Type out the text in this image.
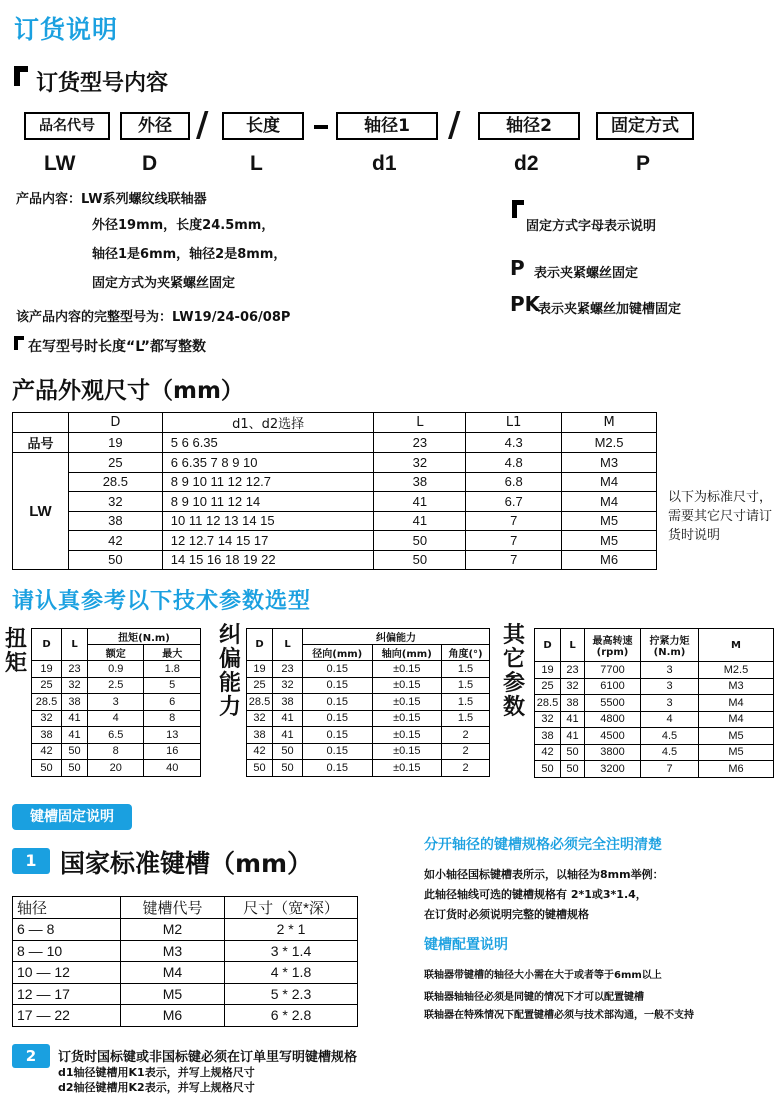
订货说明
订货型号内容
品名代号	外径 /	长度	轴径1	/	轴径2	固定方式
LW	D	L	d1	d2	P
产品内容：LW系列螺纹线联轴器
外径19mm，长度24.5mm，
轴径1是6mm，轴径2是8mm，
固定方式为夹紧螺丝固定
该产品内容的完整型号为：LW19/24-06/08P
在写型号时长度“L”都写整数
固定方式字母表示说明
P 表示夹紧螺丝固定
PK
表示夹紧螺丝加键槽固定
产品外观尺寸（mm）
	D	d1、d2选择	L	L1	M
品号	19	5 6 6.35	23	4.3	M2.5
LW	25	6 6.35 7 8 9 10	32	4.8	M3
	28.5	8 9 10 11 12 12.7	38	6.8	M4
	32	8 9 10 11 12 14	41	6.7	M4
	38	10 11 12 13 14 15	41	7	M5
	42	12 12.7 14 15 17	50	7	M5
	50	14 15 16 18 19 22	50	7	M6
以下为标准尺寸，需要其它尺寸请订货时说明
请认真参考以下技术参数选型
扭矩
D	L	扭矩(N.m)	
		额定	最大
19	23	0.9	1.8
25	32	2.5	5
28.5	38	3	6
32	41	4	8
38	41	6.5	13
42	50	8	16
50	50	20	40
纠偏能力
D	L	纠偏能力		
		径向(mm)	轴向(mm)	角度(°)
19	23	0.15	±0.15	1.5
25	32	0.15	±0.15	1.5
28.5	38	0.15	±0.15	1.5
32	41	0.15	±0.15	1.5
38	41	0.15	±0.15	2
42	50	0.15	±0.15	2
50	50	0.15	±0.15	2
其它参数
D	L	最高转速(rpm)	拧紧力矩(N.m)	M
19	23	7700	3	M2.5
25	32	6100	3	M3
28.5	38	5500	3	M4
32	41	4800	4	M4
38	41	4500	4.5	M5
42	50	3800	4.5	M5
50	50	3200	7	M6
键槽固定说明
1 国家标准键槽（mm）
轴径	键槽代号	尺寸（宽*深）
6 — 8	M2	2 * 1
8 — 10	M3	3 * 1.4
10 — 12	M4	4 * 1.8
12 — 17	M5	5 * 2.3
17 — 22	M6	6 * 2.8
分开轴径的键槽规格必须完全注明清楚
如小轴径国标键槽表所示，以轴径为8mm举例：
此轴径轴线可选的键槽规格有 2*1或3*1.4，
在订货时必须说明完整的键槽规格
键槽配置说明
联轴器带键槽的轴径大小需在大于或者等于6mm以上
联轴器轴轴径必须是同键的情况下才可以配置键槽
联轴器在特殊情况下配置键槽必须与技术部沟通，一般不支持
2	订货时国标键或非国标键必须在订单里写明键槽规格
d1轴径键槽用K1表示，并写上规格尺寸
d2轴径键槽用K2表示，并写上规格尺寸
